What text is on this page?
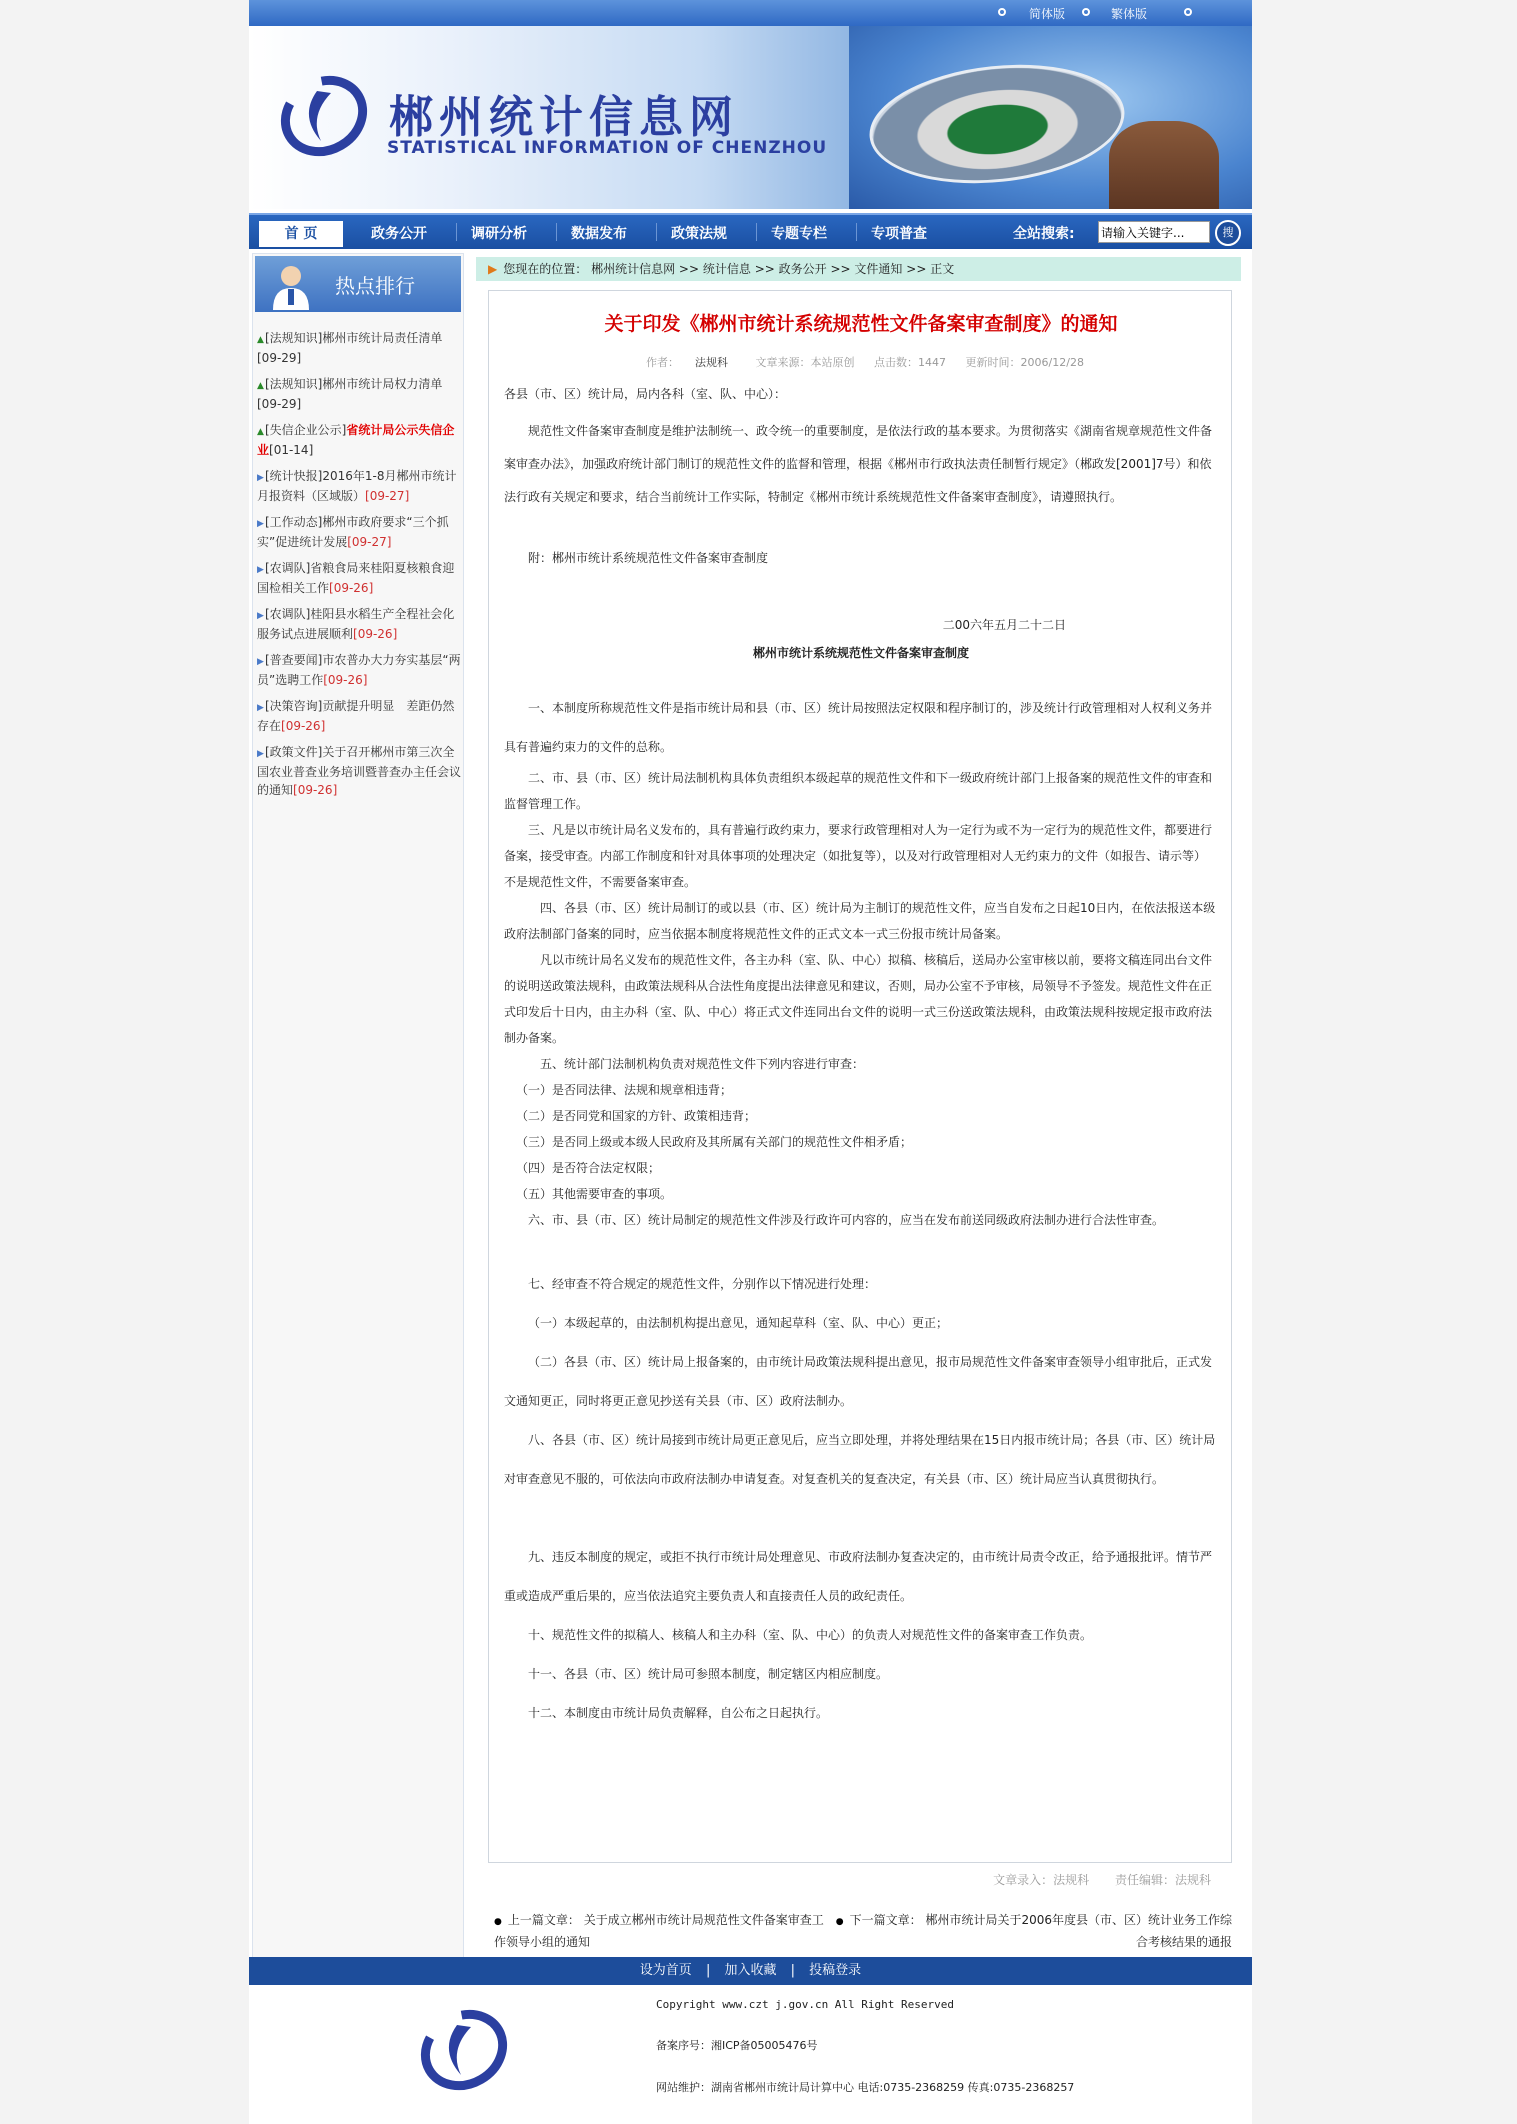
简体版	繁体版
郴州统计信息网
STATISTICAL INFORMATION OF CHENZHOU
首 页	政务公开	调研分析	数据发布	政策法规	专题专栏	专项普查	全站搜索:
请输入关键字...	搜
热点排行
▲[法规知识]郴州市统计局责任清单[09-29]
▲[法规知识]郴州市统计局权力清单[09-29]
▲[失信企业公示]省统计局公示失信企业[01-14]
▶[统计快报]2016年1-8月郴州市统计月报资料（区域版）[09-27]
▶[工作动态]郴州市政府要求“三个抓实”促进统计发展[09-27]
▶[农调队]省粮食局来桂阳夏核粮食迎国检相关工作[09-26]
▶[农调队]桂阳县水稻生产全程社会化服务试点进展顺利[09-26]
▶[普查要闻]市农普办大力夯实基层“两员”选聘工作[09-26]
▶[决策咨询]贡献提升明显　差距仍然存在[09-26]
▶[政策文件]关于召开郴州市第三次全国农业普查业务培训暨普查办主任会议的通知[09-26]
▶ 您现在的位置： 郴州统计信息网 >> 统计信息 >> 政务公开 >> 文件通知 >> 正文
关于印发《郴州市统计系统规范性文件备案审查制度》的通知
作者： 法规科	文章来源：本站原创 点击数：1447 更新时间：2006/12/28
各县（市、区）统计局，局内各科（室、队、中心）：
规范性文件备案审查制度是维护法制统一、政令统一的重要制度，是依法行政的基本要求。为贯彻落实《湖南省规章规范性文件备案审查办法》，加强政府统计部门制订的规范性文件的监督和管理，根据《郴州市行政执法责任制暂行规定》（郴政发[2001]7号）和依法行政有关规定和要求，结合当前统计工作实际，特制定《郴州市统计系统规范性文件备案审查制度》，请遵照执行。
附：郴州市统计系统规范性文件备案审查制度
二00六年五月二十二日
郴州市统计系统规范性文件备案审查制度
一、本制度所称规范性文件是指市统计局和县（市、区）统计局按照法定权限和程序制订的，涉及统计行政管理相对人权利义务并具有普遍约束力的文件的总称。
二、市、县（市、区）统计局法制机构具体负责组织本级起草的规范性文件和下一级政府统计部门上报备案的规范性文件的审查和监督管理工作。
三、凡是以市统计局名义发布的，具有普遍行政约束力，要求行政管理相对人为一定行为或不为一定行为的规范性文件，都要进行备案，接受审查。内部工作制度和针对具体事项的处理决定（如批复等），以及对行政管理相对人无约束力的文件（如报告、请示等）不是规范性文件，不需要备案审查。
四、各县（市、区）统计局制订的或以县（市、区）统计局为主制订的规范性文件，应当自发布之日起10日内，在依法报送本级政府法制部门备案的同时，应当依据本制度将规范性文件的正式文本一式三份报市统计局备案。
凡以市统计局名义发布的规范性文件，各主办科（室、队、中心）拟稿、核稿后，送局办公室审核以前，要将文稿连同出台文件的说明送政策法规科，由政策法规科从合法性角度提出法律意见和建议，否则，局办公室不予审核，局领导不予签发。规范性文件在正式印发后十日内，由主办科（室、队、中心）将正式文件连同出台文件的说明一式三份送政策法规科，由政策法规科按规定报市政府法制办备案。
五、统计部门法制机构负责对规范性文件下列内容进行审查：
（一）是否同法律、法规和规章相违背；
（二）是否同党和国家的方针、政策相违背；
（三）是否同上级或本级人民政府及其所属有关部门的规范性文件相矛盾；
（四）是否符合法定权限；
（五）其他需要审查的事项。
六、市、县（市、区）统计局制定的规范性文件涉及行政许可内容的，应当在发布前送同级政府法制办进行合法性审查。
七、经审查不符合规定的规范性文件，分别作以下情况进行处理：
（一）本级起草的，由法制机构提出意见，通知起草科（室、队、中心）更正；
（二）各县（市、区）统计局上报备案的，由市统计局政策法规科提出意见，报市局规范性文件备案审查领导小组审批后，正式发文通知更正，同时将更正意见抄送有关县（市、区）政府法制办。
八、各县（市、区）统计局接到市统计局更正意见后，应当立即处理，并将处理结果在15日内报市统计局；各县（市、区）统计局对审查意见不服的，可依法向市政府法制办申请复查。对复查机关的复查决定，有关县（市、区）统计局应当认真贯彻执行。
九、违反本制度的规定，或拒不执行市统计局处理意见、市政府法制办复查决定的，由市统计局责令改正，给予通报批评。情节严重或造成严重后果的，应当依法追究主要负责人和直接责任人员的政纪责任。
十、规范性文件的拟稿人、核稿人和主办科（室、队、中心）的负责人对规范性文件的备案审查工作负责。
十一、各县（市、区）统计局可参照本制度，制定辖区内相应制度。
十二、本制度由市统计局负责解释，自公布之日起执行。
文章录入：法规科 责任编辑：法规科
● 上一篇文章： 关于成立郴州市统计局规范性文件备案审查工作领导小组的通知
● 下一篇文章： 郴州市统计局关于2006年度县（市、区）统计业务工作综合考核结果的通报
设为首页 | 加入收藏 | 投稿登录
Copyright www.czt j.gov.cn All Right Reserved
备案序号：湘ICP备05005476号
网站维护：湖南省郴州市统计局计算中心 电话:0735-2368259 传真:0735-2368257
